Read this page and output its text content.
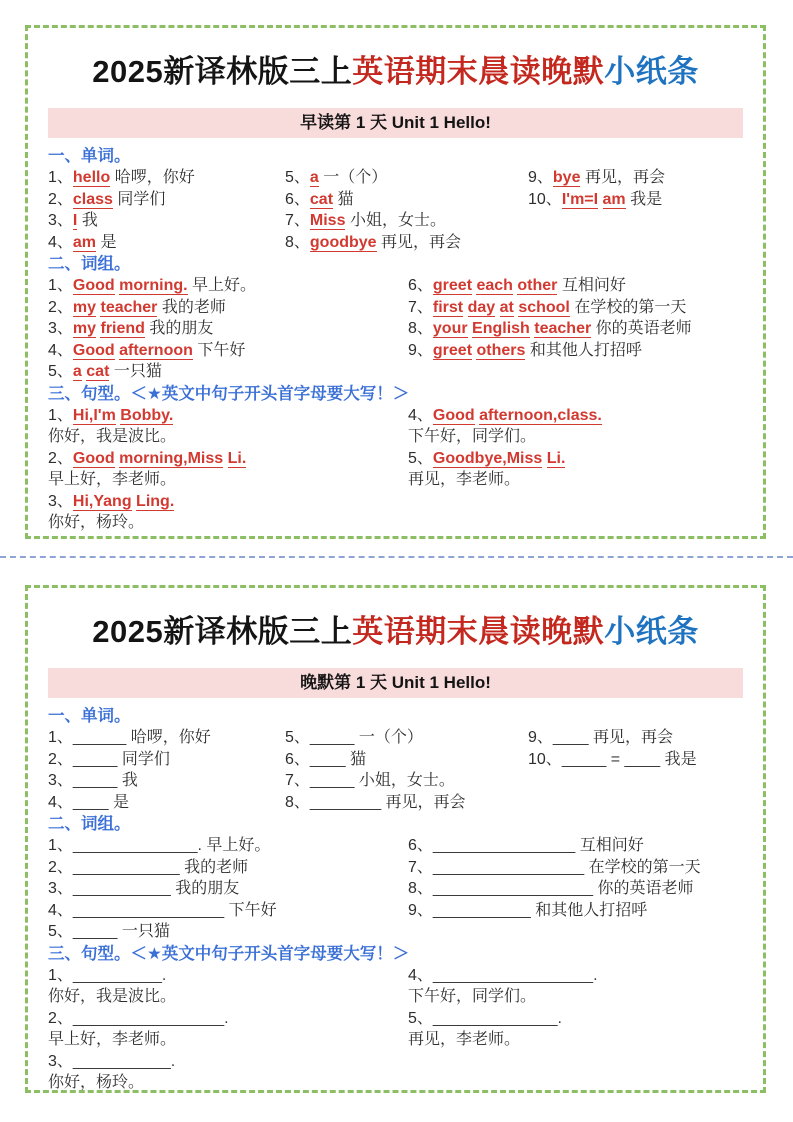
2025新译林版三上英语期末晨读晚默小纸条
早读第 1 天 Unit 1 Hello!
一、单词。
1、hello 哈啰，你好
2、class 同学们
3、I 我
4、am 是
5、a 一（个）
6、cat 猫
7、Miss 小姐，女士。
8、goodbye 再见，再会
9、bye 再见，再会
10、I'm=I am 我是
二、词组。
1、Good morning. 早上好。
2、my teacher 我的老师
3、my friend 我的朋友
4、Good afternoon 下午好
5、a cat 一只猫
6、greet each other 互相问好
7、first day at school 在学校的第一天
8、your English teacher 你的英语老师
9、greet others 和其他人打招呼
三、句型。＜★英文中句子开头首字母要大写！＞
1、Hi,I'm Bobby.
你好，我是波比。
2、Good morning,Miss Li.
早上好，李老师。
3、Hi,Yang Ling.
你好，杨玲。
4、Good afternoon,class.
下午好，同学们。
5、Goodbye,Miss Li.
再见，李老师。
2025新译林版三上英语期末晨读晚默小纸条
晚默第 1 天 Unit 1 Hello!
一、单词。
1、______ 哈啰，你好
2、_____ 同学们
3、_____ 我
4、____ 是
5、_____ 一（个）
6、____ 猫
7、_____ 小姐，女士。
8、________ 再见，再会
9、____ 再见，再会
10、_____ = ____ 我是
二、词组。
1、______________. 早上好。
2、____________ 我的老师
3、___________ 我的朋友
4、_________________ 下午好
5、_____ 一只猫
6、________________ 互相问好
7、_________________ 在学校的第一天
8、__________________ 你的英语老师
9、___________ 和其他人打招呼
三、句型。＜★英文中句子开头首字母要大写！＞
1、__________.
你好，我是波比。
2、_________________.
早上好，李老师。
3、___________.
你好，杨玲。
4、__________________.
下午好，同学们。
5、______________.
再见，李老师。
